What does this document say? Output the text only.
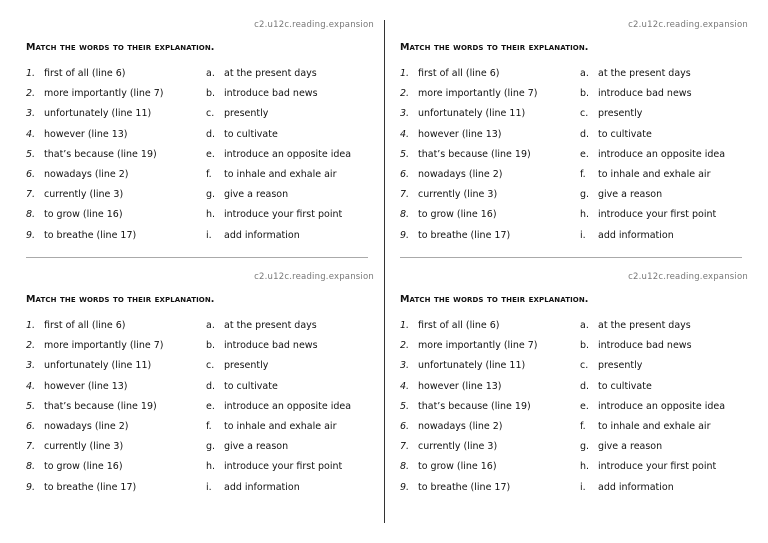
c2.u12c.reading.expansion
Match the words to their explanation.
1. first of all (line 6)	a. at the present days
2. more importantly (line 7)	b. introduce bad news
3. unfortunately (line 11)	c. presently
4. however (line 13)	d. to cultivate
5. that’s because (line 19)	e. introduce an opposite idea
6. nowadays (line 2)	f. to inhale and exhale air
7. currently (line 3)	g. give a reason
8. to grow (line 16)	h. introduce your first point
9. to breathe (line 17)	i. add information
c2.u12c.reading.expansion
Match the words to their explanation.
1. first of all (line 6)	a. at the present days
2. more importantly (line 7)	b. introduce bad news
3. unfortunately (line 11)	c. presently
4. however (line 13)	d. to cultivate
5. that’s because (line 19)	e. introduce an opposite idea
6. nowadays (line 2)	f. to inhale and exhale air
7. currently (line 3)	g. give a reason
8. to grow (line 16)	h. introduce your first point
9. to breathe (line 17)	i. add information
c2.u12c.reading.expansion
Match the words to their explanation.
1. first of all (line 6)	a. at the present days
2. more importantly (line 7)	b. introduce bad news
3. unfortunately (line 11)	c. presently
4. however (line 13)	d. to cultivate
5. that’s because (line 19)	e. introduce an opposite idea
6. nowadays (line 2)	f. to inhale and exhale air
7. currently (line 3)	g. give a reason
8. to grow (line 16)	h. introduce your first point
9. to breathe (line 17)	i. add information
c2.u12c.reading.expansion
Match the words to their explanation.
1. first of all (line 6)	a. at the present days
2. more importantly (line 7)	b. introduce bad news
3. unfortunately (line 11)	c. presently
4. however (line 13)	d. to cultivate
5. that’s because (line 19)	e. introduce an opposite idea
6. nowadays (line 2)	f. to inhale and exhale air
7. currently (line 3)	g. give a reason
8. to grow (line 16)	h. introduce your first point
9. to breathe (line 17)	i. add information
